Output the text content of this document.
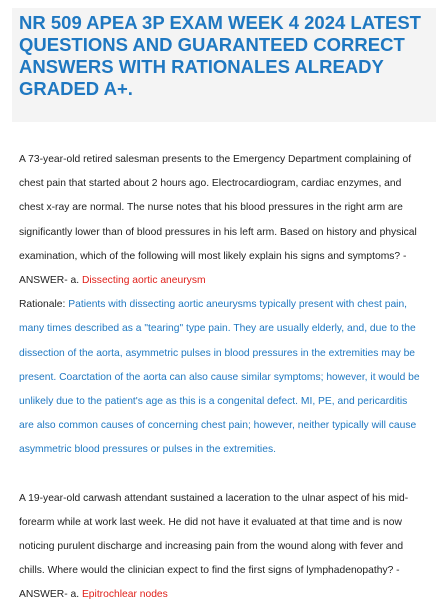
NR 509 APEA 3P EXAM WEEK 4 2024 LATEST
QUESTIONS AND GUARANTEED CORRECT
ANSWERS WITH RATIONALES ALREADY
GRADED A+.

A 73-year-old retired salesman presents to the Emergency Department complaining of

chest pain that started about 2 hours ago. Electrocardiogram, cardiac enzymes, and

chest x-ray are normal. The nurse notes that his blood pressures in the right arm are

significantly lower than of blood pressures in his left arm. Based on history and physical

examination, which of the following will most likely explain his signs and symptoms? -

ANSWER- a. Dissecting aortic aneurysm

Rationale: Patients with dissecting aortic aneurysms typically present with chest pain,

many times described as a "tearing" type pain. They are usually elderly, and, due to the

dissection of the aorta, asymmetric pulses in blood pressures in the extremities may be

present. Coarctation of the aorta can also cause similar symptoms; however, it would be

unlikely due to the patient's age as this is a congenital defect. MI, PE, and pericarditis

are also common causes of concerning chest pain; however, neither typically will cause

asymmetric blood pressures or pulses in the extremities.

A 19-year-old carwash attendant sustained a laceration to the ulnar aspect of his mid-

forearm while at work last week. He did not have it evaluated at that time and is now

noticing purulent discharge and increasing pain from the wound along with fever and

chills. Where would the clinician expect to find the first signs of lymphadenopathy? -

ANSWER- a. Epitrochlear nodes
